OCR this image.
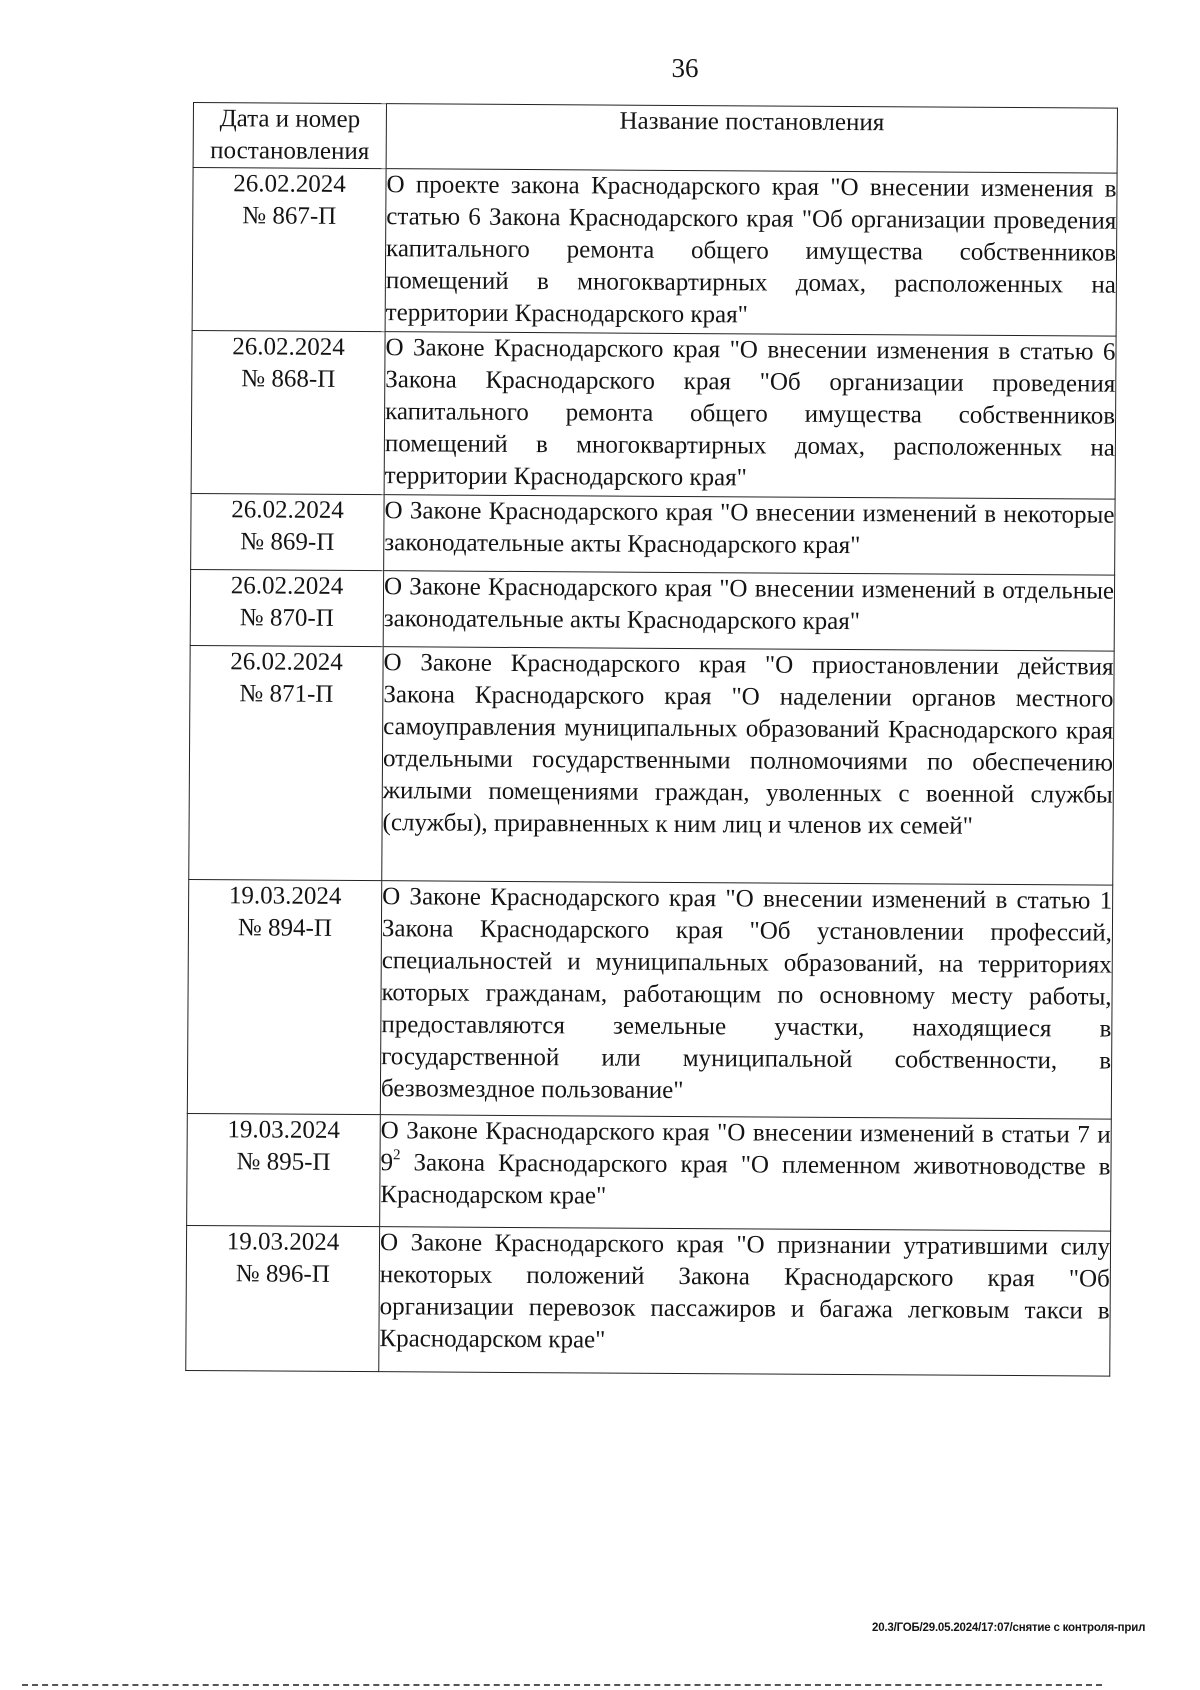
36
Дата и номер постановления	Название постановления

26.02.2024
№ 867-П	О проекте закона Краснодарского края "О внесении изменения в статью 6 Закона Краснодарского края "Об организации проведения капитального ремонта общего имущества собственников помещений в многоквартирных домах, расположенных на территории Краснодарского края"

26.02.2024
№ 868-П	О Законе Краснодарского края "О внесении изменения в статью 6 Закона Краснодарского края "Об организации проведения капитального ремонта общего имущества собственников помещений в многоквартирных домах, расположенных на территории Краснодарского края"

26.02.2024
№ 869-П	О Законе Краснодарского края "О внесении изменений в некоторые законодательные акты Краснодарского края"

26.02.2024
№ 870-П	О Законе Краснодарского края "О внесении изменений в отдельные законодательные акты Краснодарского края"

26.02.2024
№ 871-П	О Законе Краснодарского края "О приостановлении действия Закона Краснодарского края "О наделении органов местного самоуправления муниципальных образований Краснодарского края отдельными государственными полномочиями по обеспечению жилыми помещениями граждан, уволенных с военной службы (службы), приравненных к ним лиц и членов их семей"

19.03.2024
№ 894-П	О Законе Краснодарского края "О внесении изменений в статью 1 Закона Краснодарского края "Об установлении профессий, специальностей и муниципальных образований, на территориях которых гражданам, работающим по основному месту работы, предоставляются земельные участки, находящиеся в государственной или муниципальной собственности, в безвозмездное пользование"

19.03.2024
№ 895-П	О Законе Краснодарского края "О внесении изменений в статьи 7 и $9^2$ Закона Краснодарского края "О племенном животноводстве в Краснодарском крае"

19.03.2024
№ 896-П	О Законе Краснодарского края "О признании утратившими силу некоторых положений Закона Краснодарского края "Об организации перевозок пассажиров и багажа легковым такси в Краснодарском крае"
20.3/ГОБ/29.05.2024/17:07/снятие с контроля-прил
